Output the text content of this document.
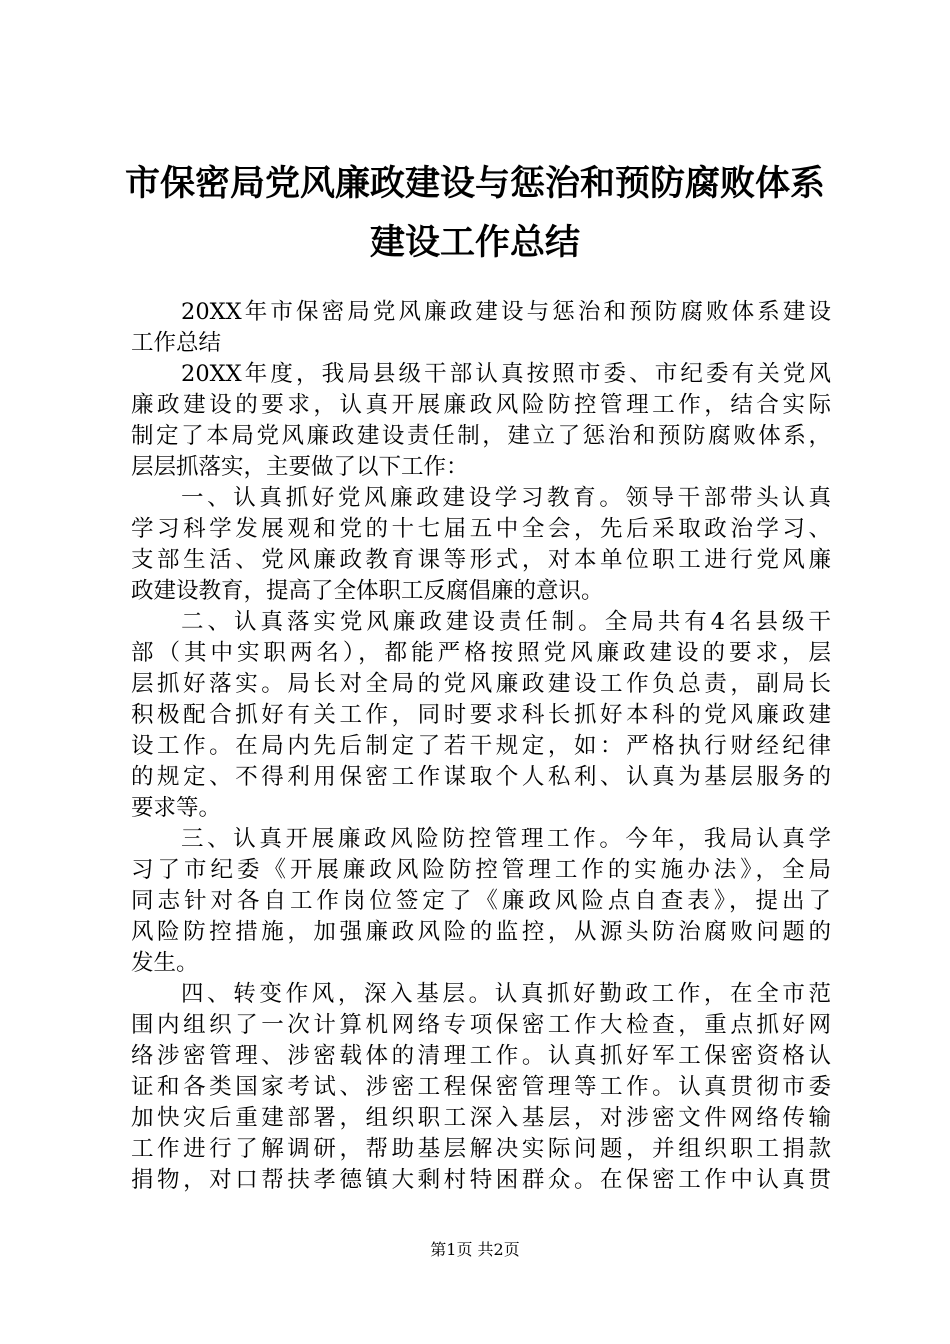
市保密局党风廉政建设与惩治和预防腐败体系
建设工作总结
20XX年市保密局党风廉政建设与惩治和预防腐败体系建设
工作总结
20XX年度，我局县级干部认真按照市委、市纪委有关党风
廉政建设的要求，认真开展廉政风险防控管理工作，结合实际
制定了本局党风廉政建设责任制，建立了惩治和预防腐败体系，
层层抓落实，主要做了以下工作：
一、认真抓好党风廉政建设学习教育。领导干部带头认真
学习科学发展观和党的十七届五中全会，先后采取政治学习、
支部生活、党风廉政教育课等形式，对本单位职工进行党风廉
政建设教育，提高了全体职工反腐倡廉的意识。
二、认真落实党风廉政建设责任制。全局共有4名县级干
部（其中实职两名），都能严格按照党风廉政建设的要求，层
层抓好落实。局长对全局的党风廉政建设工作负总责，副局长
积极配合抓好有关工作，同时要求科长抓好本科的党风廉政建
设工作。在局内先后制定了若干规定，如：严格执行财经纪律
的规定、不得利用保密工作谋取个人私利、认真为基层服务的
要求等。
三、认真开展廉政风险防控管理工作。今年，我局认真学
习了市纪委《开展廉政风险防控管理工作的实施办法》，全局
同志针对各自工作岗位签定了《廉政风险点自查表》，提出了
风险防控措施，加强廉政风险的监控，从源头防治腐败问题的
发生。
四、转变作风，深入基层。认真抓好勤政工作，在全市范
围内组织了一次计算机网络专项保密工作大检查，重点抓好网
络涉密管理、涉密载体的清理工作。认真抓好军工保密资格认
证和各类国家考试、涉密工程保密管理等工作。认真贯彻市委
加快灾后重建部署，组织职工深入基层，对涉密文件网络传输
工作进行了解调研，帮助基层解决实际问题，并组织职工捐款
捐物，对口帮扶孝德镇大剩村特困群众。在保密工作中认真贯
第1页 共2页
